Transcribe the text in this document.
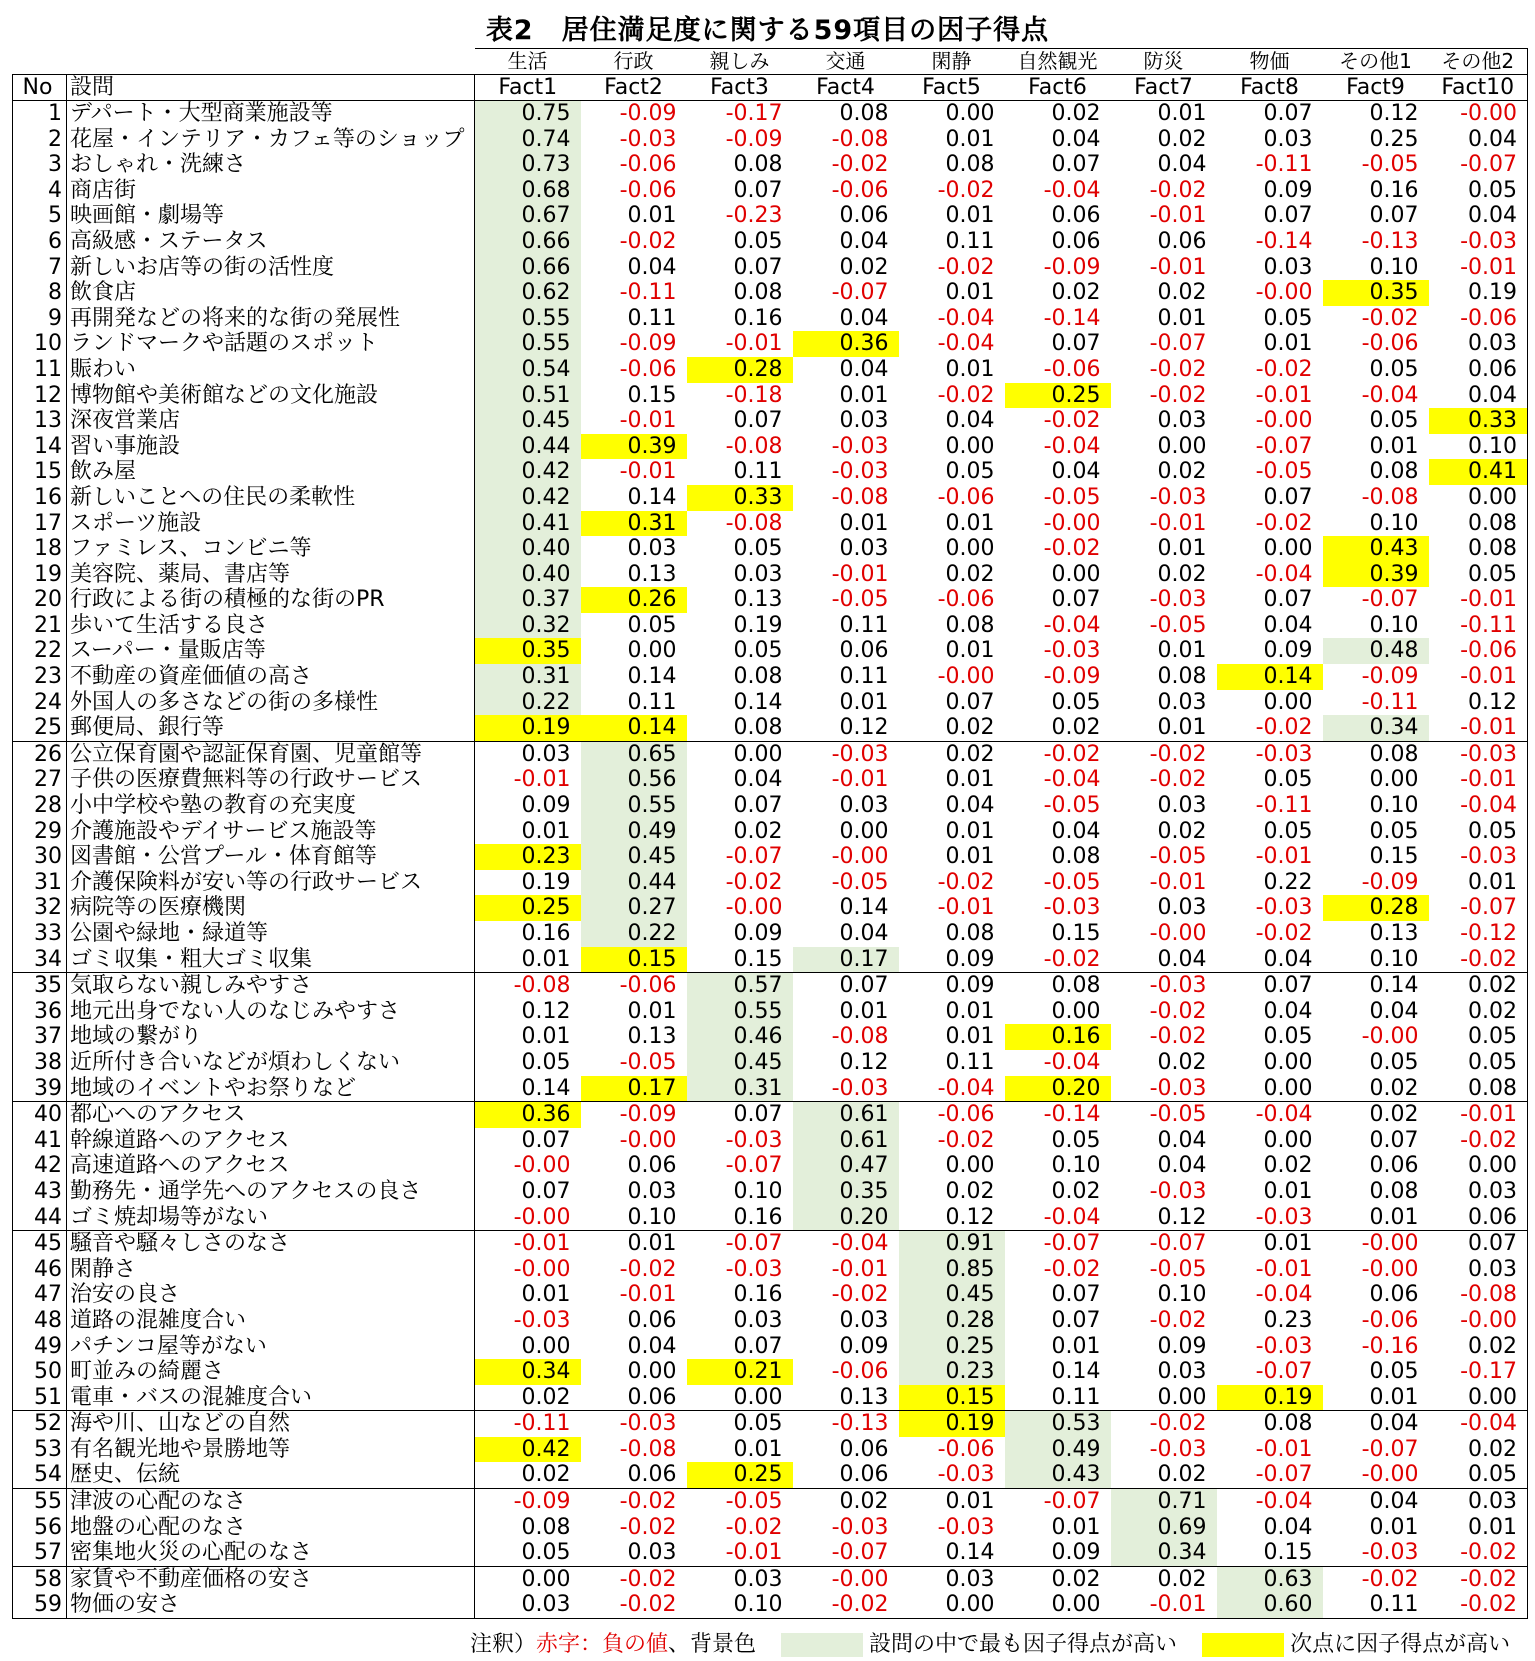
表2　居住満足度に関する59項目の因子得点
		生活	行政	親しみ	交通	閑静	自然観光	防災	物価	その他1	その他2
No	設問	Fact1	Fact2	Fact3	Fact4	Fact5	Fact6	Fact7	Fact8	Fact9	Fact10
1	デパート・大型商業施設等	0.75	-0.09	-0.17	0.08	0.00	0.02	0.01	0.07	0.12	-0.00
2	花屋・インテリア・カフェ等のショップ	0.74	-0.03	-0.09	-0.08	0.01	0.04	0.02	0.03	0.25	0.04
3	おしゃれ・洗練さ	0.73	-0.06	0.08	-0.02	0.08	0.07	0.04	-0.11	-0.05	-0.07
4	商店街	0.68	-0.06	0.07	-0.06	-0.02	-0.04	-0.02	0.09	0.16	0.05
5	映画館・劇場等	0.67	0.01	-0.23	0.06	0.01	0.06	-0.01	0.07	0.07	0.04
6	高級感・ステータス	0.66	-0.02	0.05	0.04	0.11	0.06	0.06	-0.14	-0.13	-0.03
7	新しいお店等の街の活性度	0.66	0.04	0.07	0.02	-0.02	-0.09	-0.01	0.03	0.10	-0.01
8	飲食店	0.62	-0.11	0.08	-0.07	0.01	0.02	0.02	-0.00	0.35	0.19
9	再開発などの将来的な街の発展性	0.55	0.11	0.16	0.04	-0.04	-0.14	0.01	0.05	-0.02	-0.06
10	ランドマークや話題のスポット	0.55	-0.09	-0.01	0.36	-0.04	0.07	-0.07	0.01	-0.06	0.03
11	賑わい	0.54	-0.06	0.28	0.04	0.01	-0.06	-0.02	-0.02	0.05	0.06
12	博物館や美術館などの文化施設	0.51	0.15	-0.18	0.01	-0.02	0.25	-0.02	-0.01	-0.04	0.04
13	深夜営業店	0.45	-0.01	0.07	0.03	0.04	-0.02	0.03	-0.00	0.05	0.33
14	習い事施設	0.44	0.39	-0.08	-0.03	0.00	-0.04	0.00	-0.07	0.01	0.10
15	飲み屋	0.42	-0.01	0.11	-0.03	0.05	0.04	0.02	-0.05	0.08	0.41
16	新しいことへの住民の柔軟性	0.42	0.14	0.33	-0.08	-0.06	-0.05	-0.03	0.07	-0.08	0.00
17	スポーツ施設	0.41	0.31	-0.08	0.01	0.01	-0.00	-0.01	-0.02	0.10	0.08
18	ファミレス、コンビニ等	0.40	0.03	0.05	0.03	0.00	-0.02	0.01	0.00	0.43	0.08
19	美容院、薬局、書店等	0.40	0.13	0.03	-0.01	0.02	0.00	0.02	-0.04	0.39	0.05
20	行政による街の積極的な街のPR	0.37	0.26	0.13	-0.05	-0.06	0.07	-0.03	0.07	-0.07	-0.01
21	歩いて生活する良さ	0.32	0.05	0.19	0.11	0.08	-0.04	-0.05	0.04	0.10	-0.11
22	スーパー・量販店等	0.35	0.00	0.05	0.06	0.01	-0.03	0.01	0.09	0.48	-0.06
23	不動産の資産価値の高さ	0.31	0.14	0.08	0.11	-0.00	-0.09	0.08	0.14	-0.09	-0.01
24	外国人の多さなどの街の多様性	0.22	0.11	0.14	0.01	0.07	0.05	0.03	0.00	-0.11	0.12
25	郵便局、銀行等	0.19	0.14	0.08	0.12	0.02	0.02	0.01	-0.02	0.34	-0.01
26	公立保育園や認証保育園、児童館等	0.03	0.65	0.00	-0.03	0.02	-0.02	-0.02	-0.03	0.08	-0.03
27	子供の医療費無料等の行政サービス	-0.01	0.56	0.04	-0.01	0.01	-0.04	-0.02	0.05	0.00	-0.01
28	小中学校や塾の教育の充実度	0.09	0.55	0.07	0.03	0.04	-0.05	0.03	-0.11	0.10	-0.04
29	介護施設やデイサービス施設等	0.01	0.49	0.02	0.00	0.01	0.04	0.02	0.05	0.05	0.05
30	図書館・公営プール・体育館等	0.23	0.45	-0.07	-0.00	0.01	0.08	-0.05	-0.01	0.15	-0.03
31	介護保険料が安い等の行政サービス	0.19	0.44	-0.02	-0.05	-0.02	-0.05	-0.01	0.22	-0.09	0.01
32	病院等の医療機関	0.25	0.27	-0.00	0.14	-0.01	-0.03	0.03	-0.03	0.28	-0.07
33	公園や緑地・緑道等	0.16	0.22	0.09	0.04	0.08	0.15	-0.00	-0.02	0.13	-0.12
34	ゴミ収集・粗大ゴミ収集	0.01	0.15	0.15	0.17	0.09	-0.02	0.04	0.04	0.10	-0.02
35	気取らない親しみやすさ	-0.08	-0.06	0.57	0.07	0.09	0.08	-0.03	0.07	0.14	0.02
36	地元出身でない人のなじみやすさ	0.12	0.01	0.55	0.01	0.01	0.00	-0.02	0.04	0.04	0.02
37	地域の繋がり	0.01	0.13	0.46	-0.08	0.01	0.16	-0.02	0.05	-0.00	0.05
38	近所付き合いなどが煩わしくない	0.05	-0.05	0.45	0.12	0.11	-0.04	0.02	0.00	0.05	0.05
39	地域のイベントやお祭りなど	0.14	0.17	0.31	-0.03	-0.04	0.20	-0.03	0.00	0.02	0.08
40	都心へのアクセス	0.36	-0.09	0.07	0.61	-0.06	-0.14	-0.05	-0.04	0.02	-0.01
41	幹線道路へのアクセス	0.07	-0.00	-0.03	0.61	-0.02	0.05	0.04	0.00	0.07	-0.02
42	高速道路へのアクセス	-0.00	0.06	-0.07	0.47	0.00	0.10	0.04	0.02	0.06	0.00
43	勤務先・通学先へのアクセスの良さ	0.07	0.03	0.10	0.35	0.02	0.02	-0.03	0.01	0.08	0.03
44	ゴミ焼却場等がない	-0.00	0.10	0.16	0.20	0.12	-0.04	0.12	-0.03	0.01	0.06
45	騒音や騒々しさのなさ	-0.01	0.01	-0.07	-0.04	0.91	-0.07	-0.07	0.01	-0.00	0.07
46	閑静さ	-0.00	-0.02	-0.03	-0.01	0.85	-0.02	-0.05	-0.01	-0.00	0.03
47	治安の良さ	0.01	-0.01	0.16	-0.02	0.45	0.07	0.10	-0.04	0.06	-0.08
48	道路の混雑度合い	-0.03	0.06	0.03	0.03	0.28	0.07	-0.02	0.23	-0.06	-0.00
49	パチンコ屋等がない	0.00	0.04	0.07	0.09	0.25	0.01	0.09	-0.03	-0.16	0.02
50	町並みの綺麗さ	0.34	0.00	0.21	-0.06	0.23	0.14	0.03	-0.07	0.05	-0.17
51	電車・バスの混雑度合い	0.02	0.06	0.00	0.13	0.15	0.11	0.00	0.19	0.01	0.00
52	海や川、山などの自然	-0.11	-0.03	0.05	-0.13	0.19	0.53	-0.02	0.08	0.04	-0.04
53	有名観光地や景勝地等	0.42	-0.08	0.01	0.06	-0.06	0.49	-0.03	-0.01	-0.07	0.02
54	歴史、伝統	0.02	0.06	0.25	0.06	-0.03	0.43	0.02	-0.07	-0.00	0.05
55	津波の心配のなさ	-0.09	-0.02	-0.05	0.02	0.01	-0.07	0.71	-0.04	0.04	0.03
56	地盤の心配のなさ	0.08	-0.02	-0.02	-0.03	-0.03	0.01	0.69	0.04	0.01	0.01
57	密集地火災の心配のなさ	0.05	0.03	-0.01	-0.07	0.14	0.09	0.34	0.15	-0.03	-0.02
58	家賃や不動産価格の安さ	0.00	-0.02	0.03	-0.00	0.03	0.02	0.02	0.63	-0.02	-0.02
59	物価の安さ	0.03	-0.02	0.10	-0.02	0.00	0.00	-0.01	0.60	0.11	-0.02
注釈）赤字：負の値、背景色	設問の中で最も因子得点が高い	次点に因子得点が高い
